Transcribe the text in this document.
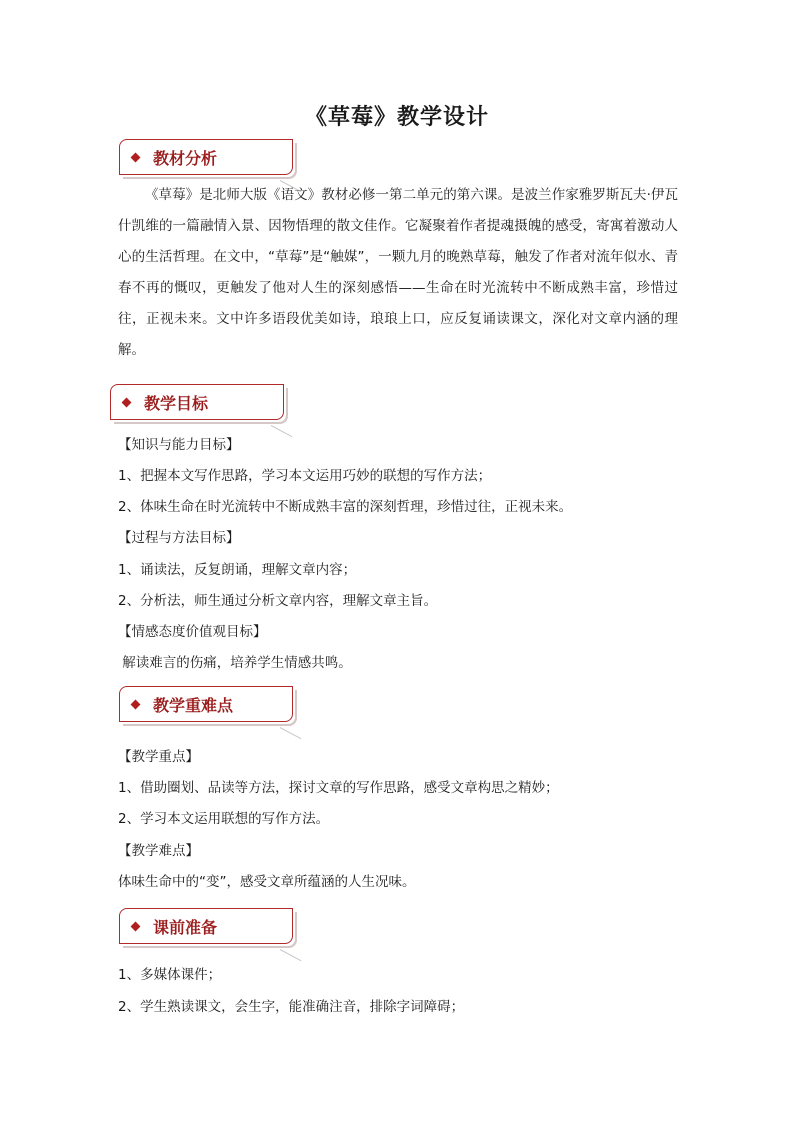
《草莓》教学设计
教材分析
《草莓》是北师大版《语文》教材必修一第二单元的第六课。是波兰作家雅罗斯瓦夫·伊瓦什凯维的一篇融情入景、因物悟理的散文佳作。它凝聚着作者提魂摄魄的感受，寄寓着激动人心的生活哲理。在文中，“草莓”是“触媒”，一颗九月的晚熟草莓，触发了作者对流年似水、青春不再的慨叹，更触发了他对人生的深刻感悟——生命在时光流转中不断成熟丰富，珍惜过往，正视未来。文中许多语段优美如诗，琅琅上口，应反复诵读课文，深化对文章内涵的理解。
教学目标
【知识与能力目标】
1、把握本文写作思路，学习本文运用巧妙的联想的写作方法；
2、体味生命在时光流转中不断成熟丰富的深刻哲理，珍惜过往，正视未来。
【过程与方法目标】
1、诵读法，反复朗诵，理解文章内容；
2、分析法，师生通过分析文章内容，理解文章主旨。
【情感态度价值观目标】
解读难言的伤痛，培养学生情感共鸣。
教学重难点
【教学重点】
1、借助圈划、品读等方法，探讨文章的写作思路，感受文章构思之精妙；
2、学习本文运用联想的写作方法。
【教学难点】
体味生命中的“变”，感受文章所蕴涵的人生况味。
课前准备
1、多媒体课件；
2、学生熟读课文，会生字，能准确注音，排除字词障碍；
